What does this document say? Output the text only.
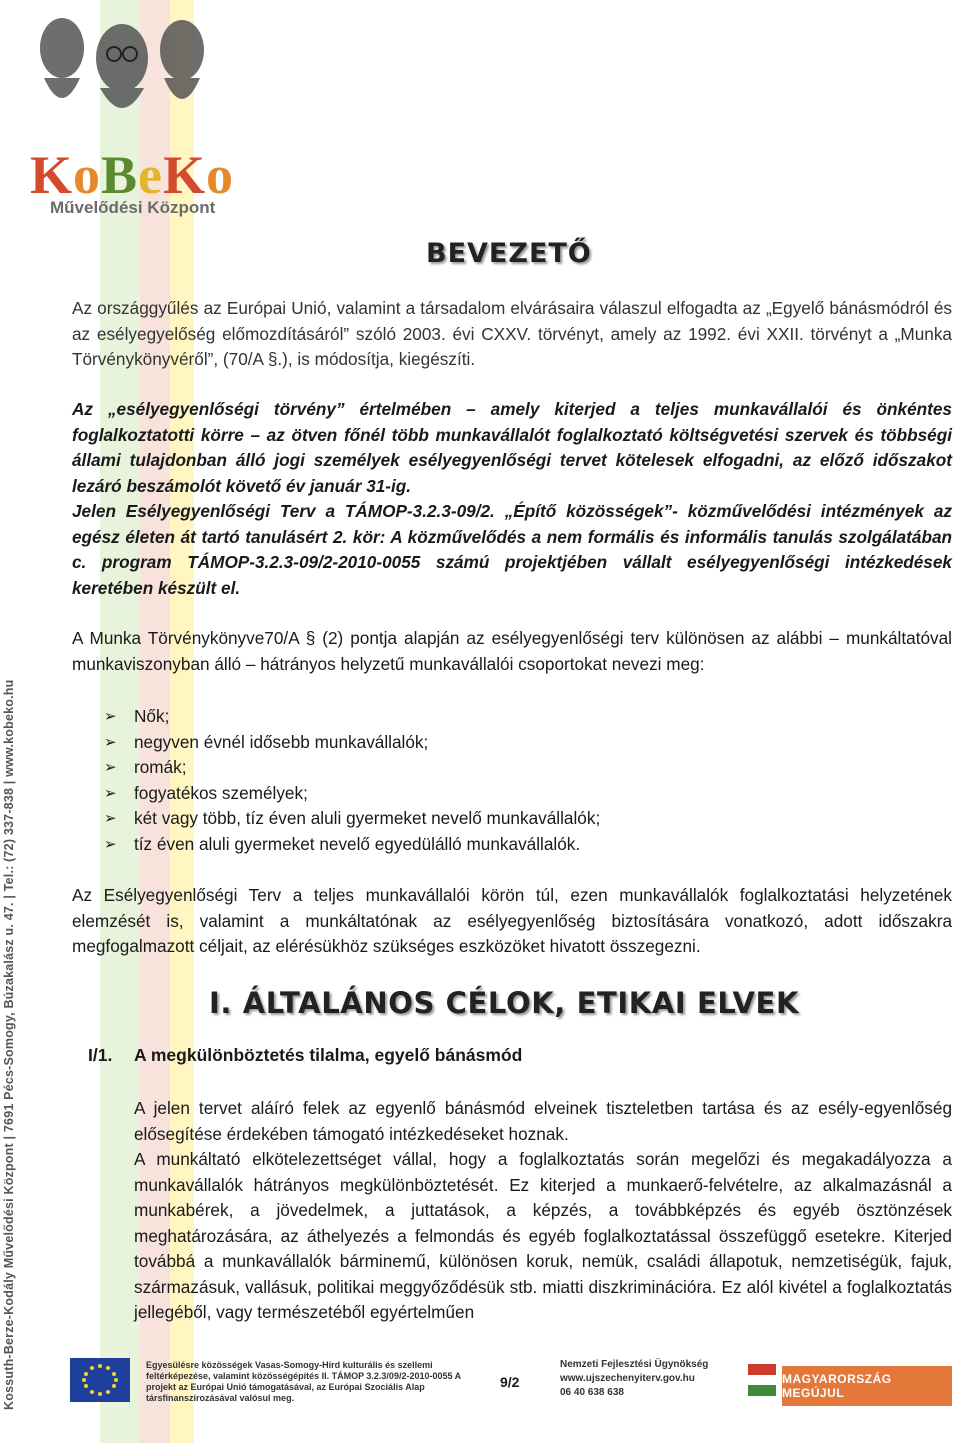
KoBeKo
Művelődési Központ
Kossuth-Berze-Kodály Művelődési Központ | 7691 Pécs-Somogy, Búzakalász u. 47. | Tel.: (72) 337-838 | www.kobeko.hu
BEVEZETŐ

Az országgyűlés az Európai Unió, valamint a társadalom elvárásaira válaszul elfogadta az „Egyelő bánásmódról és az esélyegyelőség előmozdításáról” szóló 2003. évi CXXV. törvényt, amely az 1992. évi XXII. törvényt a „Munka Törvénykönyvéről”, (70/A §.), is módosítja, kiegészíti.

Az „esélyegyenlőségi törvény” értelmében – amely kiterjed a teljes munkavállalói és önkéntes foglalkoztatotti körre – az ötven főnél több munkavállalót foglalkoztató költségvetési szervek és többségi állami tulajdonban álló jogi személyek esélyegyenlőségi tervet kötelesek elfogadni, az előző időszakot lezáró beszámolót követő év január 31-ig.

Jelen Esélyegyenlőségi Terv a TÁMOP-3.2.3-09/2. „Építő közösségek”- közművelődési intézmények az egész életen át tartó tanulásért 2. kör: A közművelődés a nem formális és informális tanulás szolgálatában c. program TÁMOP-3.2.3-09/2-2010-0055 számú projektjében vállalt esélyegyenlőségi intézkedések keretében készült el.

A Munka Törvénykönyve70/A § (2) pontja alapján az esélyegyenlőségi terv különösen az alábbi – munkáltatóval munkaviszonyban álló – hátrányos helyzetű munkavállalói csoportokat nevezi meg:

➢	Nők;
➢	negyven évnél idősebb munkavállalók;
➢	romák;
➢	fogyatékos személyek;
➢	két vagy több, tíz éven aluli gyermeket nevelő munkavállalók;
➢	tíz éven aluli gyermeket nevelő egyedülálló munkavállalók.

Az Esélyegyenlőségi Terv a teljes munkavállalói körön túl, ezen munkavállalók foglalkoztatási helyzetének elemzését is, valamint a munkáltatónak az esélyegyenlőség biztosítására vonatkozó, adott időszakra megfogalmazott céljait, az elérésükhöz szükséges eszközöket hivatott összegezni.

I. ÁLTALÁNOS CÉLOK, ETIKAI ELVEK
I/1.	A megkülönböztetés tilalma, egyelő bánásmód

A jelen tervet aláíró felek az egyenlő bánásmód elveinek tiszteletben tartása és az esély-egyenlőség elősegítése érdekében támogató intézkedéseket hoznak.

A munkáltató elkötelezettséget vállal, hogy a foglalkoztatás során megelőzi és megakadályozza a munkavállalók hátrányos megkülönböztetését. Ez kiterjed a munkaerő-felvételre, az alkalmazásnál a munkabérek, a jövedelmek, a juttatások, a képzés, a továbbképzés és egyéb ösztönzések meghatározására, az áthelyezés a felmondás és egyéb foglalkoztatással összefüggő esetekre. Kiterjed továbbá a munkavállalók bárminemű, különösen koruk, nemük, családi állapotuk, nemzetiségük, fajuk, származásuk, vallásuk, politikai meggyőződésük stb. miatti diszkriminációra. Ez alól kivétel a foglalkoztatás jellegéből, vagy természetéből egyértelműen

Egyesülésre közösségek Vasas-Somogy-Hírd kulturális és szellemi feltérképezése, valamint közösségépítés II. TÁMOP 3.2.3/09/2-2010-0055 A projekt az Európai Unió támogatásával, az Európai Szociális Alap társfinanszírozásával valósul meg.
9/2
Nemzeti Fejlesztési Ügynökség
www.ujszechenyiterv.gov.hu
06 40 638 638
MAGYARORSZÁG MEGÚJUL
